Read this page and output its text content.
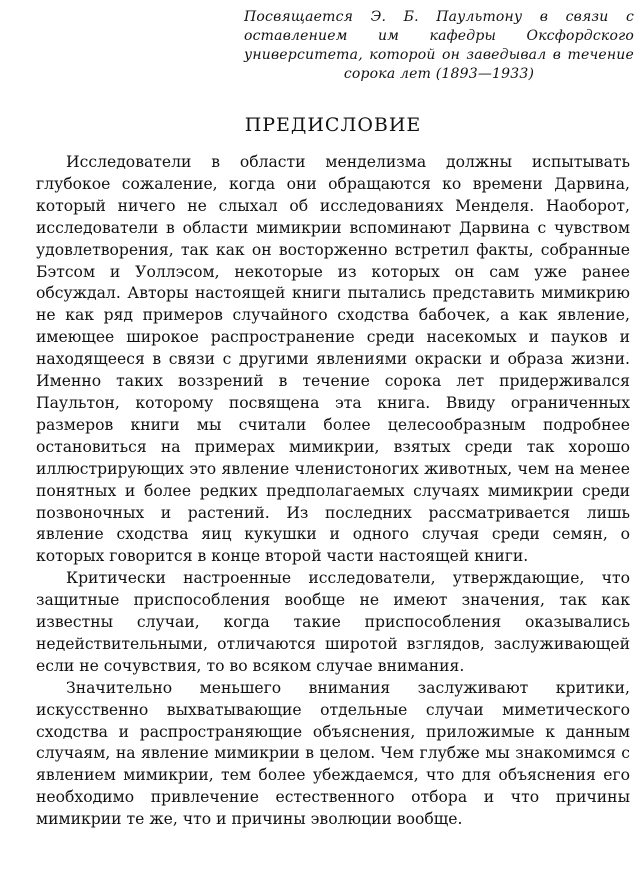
Посвящается Э. Б. Паультону в связи с оставлением им кафедры Оксфордского университета, которой он заведывал в течение сорока лет (1893—1933)
ПРЕДИСЛОВИЕ

Исследователи в области менделизма должны испытывать глубокое сожаление, когда они обращаются ко времени Дарвина, который ничего не слыхал об исследованиях Менделя. Наоборот, исследователи в области мимикрии вспоминают Дарвина с чувством удовлетворения, так как он восторженно встретил факты, собранные Бэтсом и Уоллэсом, некоторые из которых он сам уже ранее обсуждал. Авторы настоящей книги пытались представить мимикрию не как ряд примеров случайного сходства бабочек, а как явление, имеющее широкое распространение среди насекомых и пауков и находящееся в связи с другими явлениями окраски и образа жизни. Именно таких воззрений в течение сорока лет придерживался Паультон, которому посвящена эта книга. Ввиду ограниченных размеров книги мы считали более целесообразным подробнее остановиться на примерах мимикрии, взятых среди так хорошо иллюстрирующих это явление членистоногих животных, чем на менее понятных и более редких предполагаемых случаях мимикрии среди позвоночных и растений. Из последних рассматривается лишь явление сходства яиц кукушки и одного случая среди семян, о которых говорится в конце второй части настоящей книги.

Критически настроенные исследователи, утверждающие, что защитные приспособления вообще не имеют значения, так как известны случаи, когда такие приспособления оказывались недействительными, отличаются широтой взглядов, заслуживающей если не сочувствия, то во всяком случае внимания.

Значительно меньшего внимания заслуживают критики, искусственно выхватывающие отдельные случаи миметического сходства и распространяющие объяснения, приложимые к данным случаям, на явление мимикрии в целом. Чем глубже мы знакомимся с явлением мимикрии, тем более убеждаемся, что для объяснения его необходимо привлечение естественного отбора и что причины мимикрии те же, что и причины эволюции вообще.
